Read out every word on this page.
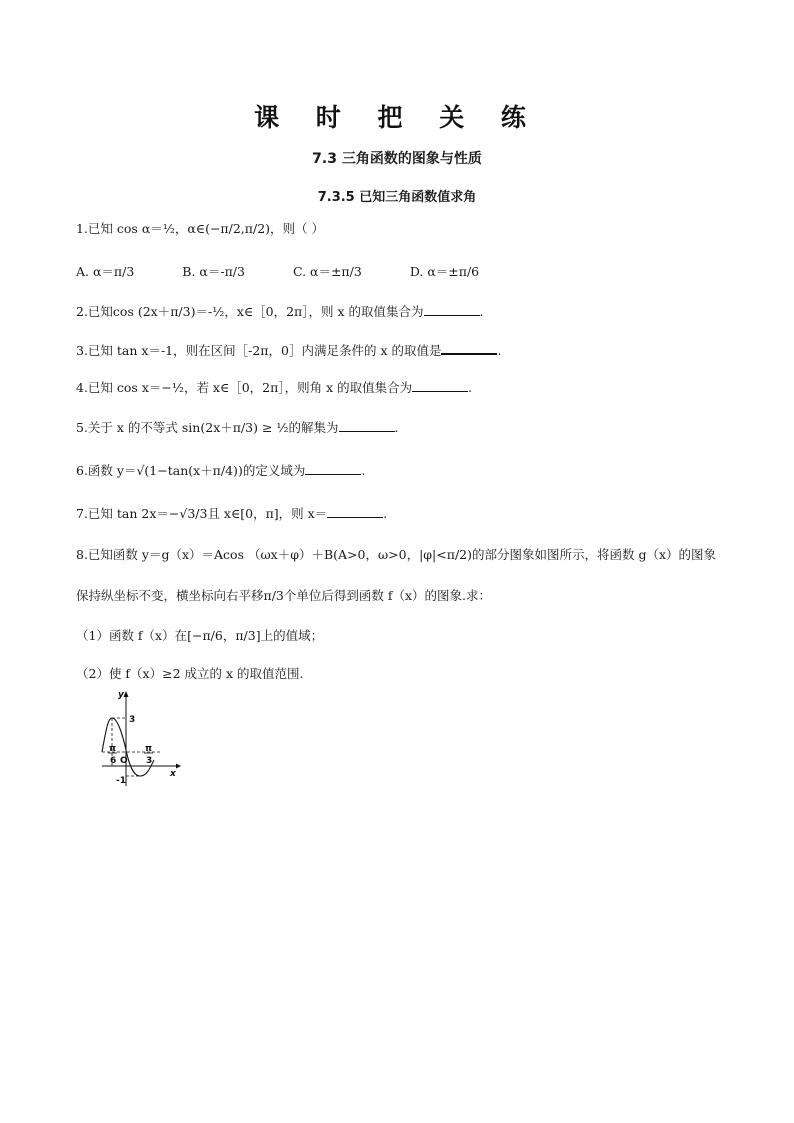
课 时 把 关 练
7.3 三角函数的图象与性质
7.3.5 已知三角函数值求角
1.已知 cos α＝½，α∈(−π/2,π/2)，则（ ）
A. α＝π/3	B. α＝-π/3	C. α＝±π/3	D. α＝±π/6
2.已知cos (2x＋π/3)＝-½，x∈［0，2π］，则 x 的取值集合为	.
3.已知 tan x＝-1，则在区间［-2π，0］内满足条件的 x 的取值是	.
4.已知 cos x＝−½，若 x∈［0，2π］，则角 x 的取值集合为	.
5.关于 x 的不等式 sin(2x＋π/3) ≥ ½的解集为	.
6.函数 y＝√(1−tan(x＋π/4))的定义域为	.
7.已知 tan 2x＝−√3/3且 x∈[0，π]，则 x＝	.
8.已知函数 y＝g（x）＝Acos （ωx＋φ）＋B(A>0，ω>0，|φ|<π/2)的部分图象如图所示，将函数 g（x）的图象
保持纵坐标不变，横坐标向右平移π/3个单位后得到函数 f（x）的图象.求：
（1）函数 f（x）在[−π/6，π/3]上的值域；
（2）使 f（x）≥2 成立的 x 的取值范围.
y
x
3
-1
O
π
6
π
3
